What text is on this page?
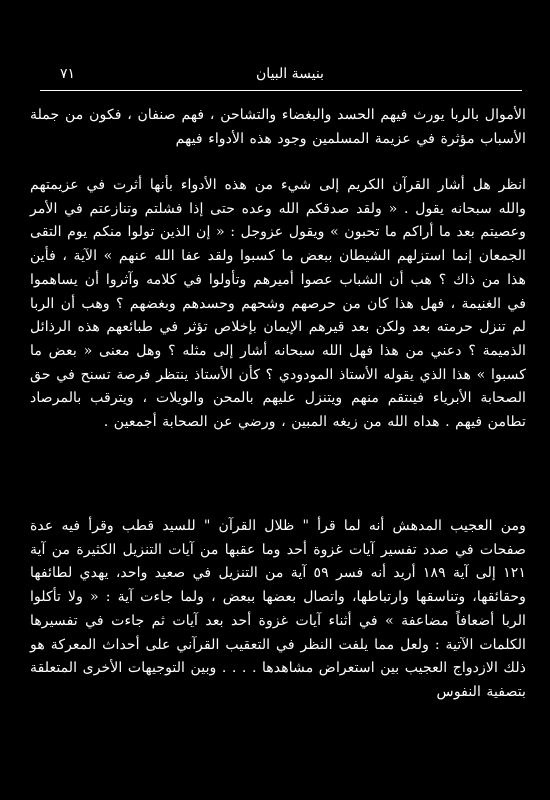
بنيسة البيان
٧١

الأموال بالربا يورث فيهم الحسد والبغضاء والتشاحن ، فهم صنفان ، فكون من جملة الأسباب مؤثرة في عزيمة المسلمين وجود هذه الأدواء فيهم

انظر هل أشار القرآن الكريم إلى شيء من هذه الأدواء بأنها أثرت في عزيمتهم والله سبحانه يقول . « ولقد صدقكم الله وعده حتى إذا فشلتم وتنازعتم في الأمر وعصيتم بعد ما أراكم ما تحبون » ويقول عزوجل : « إن الذين تولوا منكم يوم التقى الجمعان إنما استزلهم الشيطان ببعض ما كسبوا ولقد عفا الله عنهم » الآية ، فأين هذا من ذاك ؟ هب أن الشباب عصوا أميرهم وتأولوا في كلامه وآثروا أن يساهموا في الغنيمة ، فهل هذا كان من حرصهم وشحهم وحسدهم وبغضهم ؟ وهب أن الربا لم تنزل حرمته بعد ولكن بعد قيرهم الإيمان بإخلاص تؤثر في طبائعهم هذه الرذائل الذميمة ؟ دعني من هذا فهل الله سبحانه أشار إلى مثله ؟ وهل معنى « بعض ما كسبوا » هذا الذي يقوله الأستاذ المودودي ؟ كأن الأستاذ ينتظر فرصة تسنح في حق الصحابة الأبرياء فينتقم منهم ويتنزل عليهم بالمحن والويلات ، ويترقب بالمرصاد تطامن فيهم . هداه الله من زيغه المبين ، ورضي عن الصحابة أجمعين .

ومن العجيب المدهش أنه لما قرأ " ظلال القرآن " للسيد قطب وقرأ فيه عدة صفحات في صدد تفسير آيات غزوة أحد وما عقبها من آيات التنزيل الكثيرة من آية ١٢١ إلى آية ١٨٩ أريد أنه فسر ٥٩ آية من التنزيل في صعيد واحد، يهدي لطائفها وحقائقها، وتناسقها وارتباطها، واتصال بعضها ببعض ، ولما جاءت آية : « ولا تأكلوا الربا أضعافاً مضاعفة » في أثناء آيات غزوة أحد بعد آيات ثم جاءت في تفسيرها الكلمات الآتية : ولعل مما يلفت النظر في التعقيب القرآني على أحداث المعركة هو ذلك الازدواج العجيب بين استعراض مشاهدها . . . . وبين التوجيهات الأخرى المتعلقة بتصفية النفوس
